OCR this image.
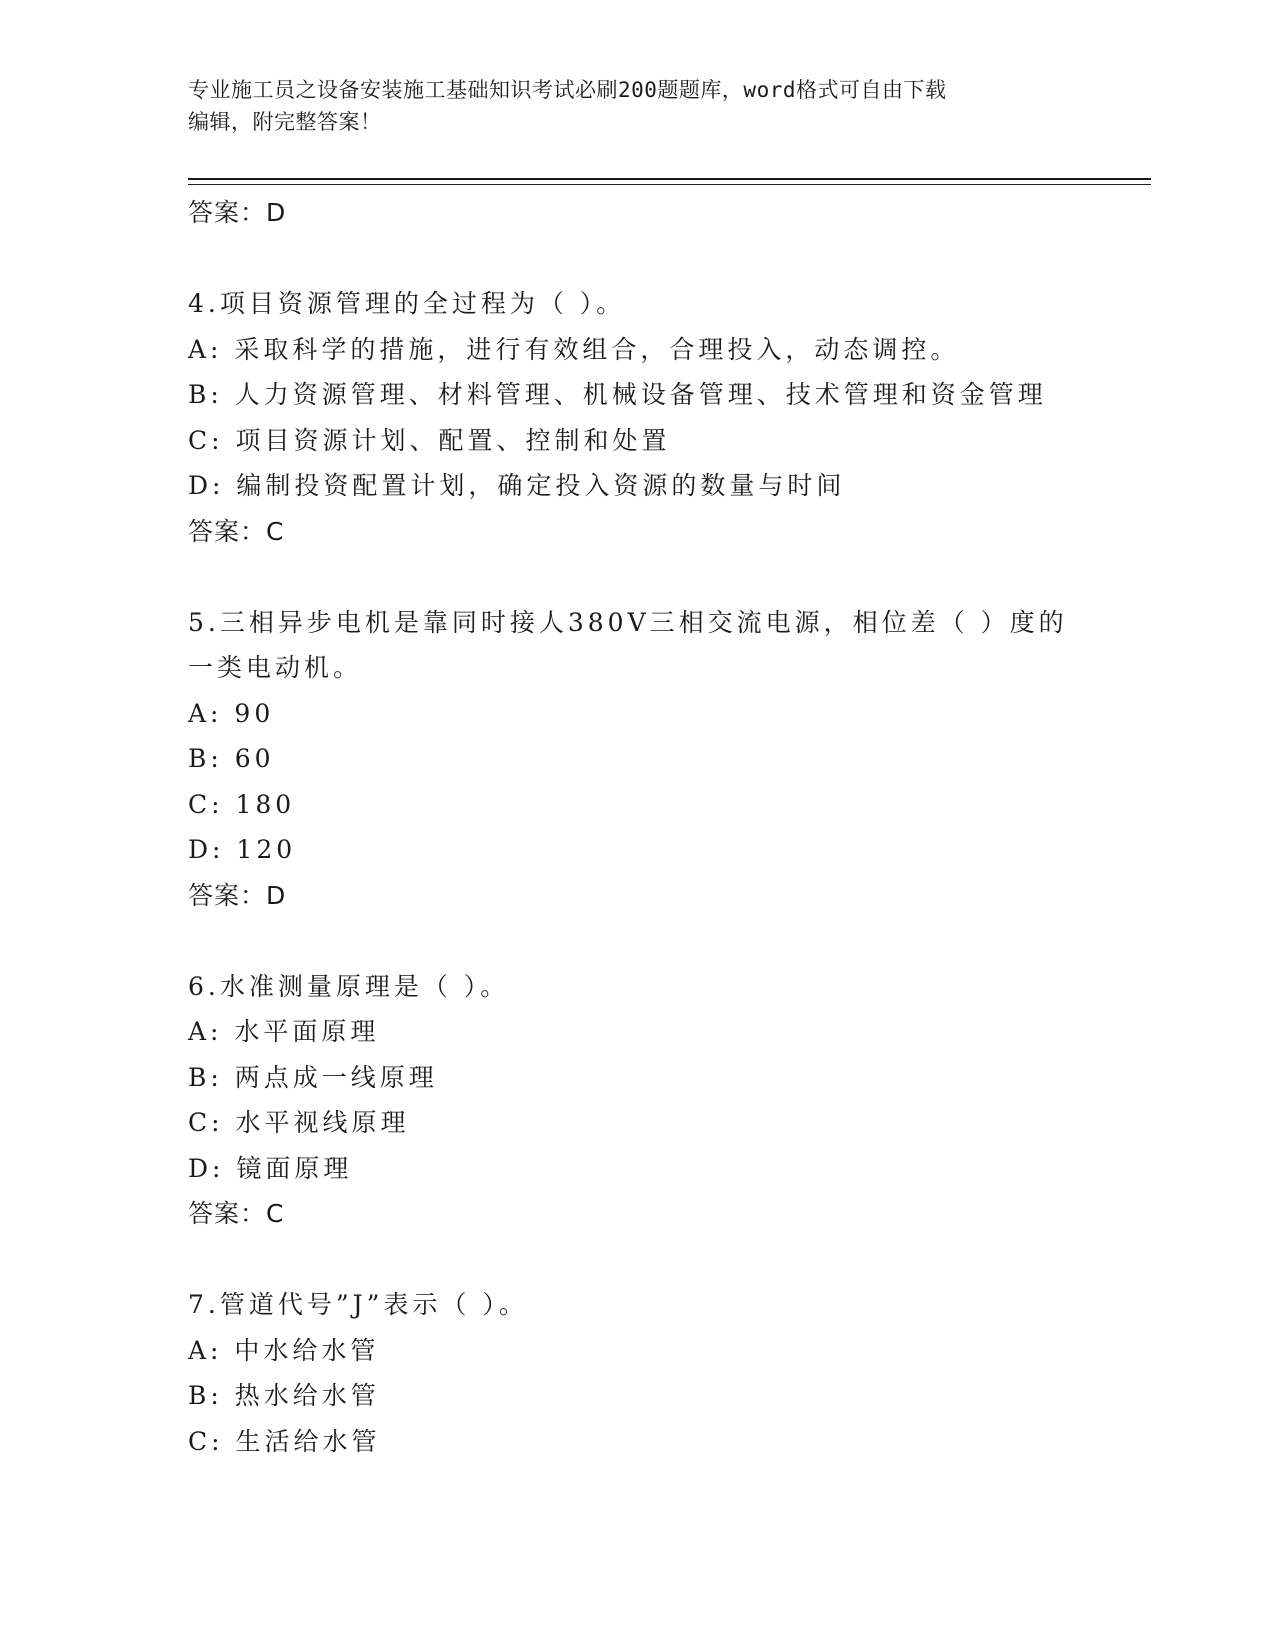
专业施工员之设备安装施工基础知识考试必刷200题题库，word格式可自由下载
编辑，附完整答案！
答案：D
4.项目资源管理的全过程为（ ）。
A: 采取科学的措施，进行有效组合，合理投入，动态调控。
B: 人力资源管理、材料管理、机械设备管理、技术管理和资金管理
C: 项目资源计划、配置、控制和处置
D: 编制投资配置计划，确定投入资源的数量与时间
答案：C
5.三相异步电机是靠同时接人380V三相交流电源，相位差（ ）度的
一类电动机。
A: 90
B: 60
C: 180
D: 120
答案：D
6.水准测量原理是（ ）。
A: 水平面原理
B: 两点成一线原理
C: 水平视线原理
D: 镜面原理
答案：C
7.管道代号”J”表示（ ）。
A: 中水给水管
B: 热水给水管
C: 生活给水管
